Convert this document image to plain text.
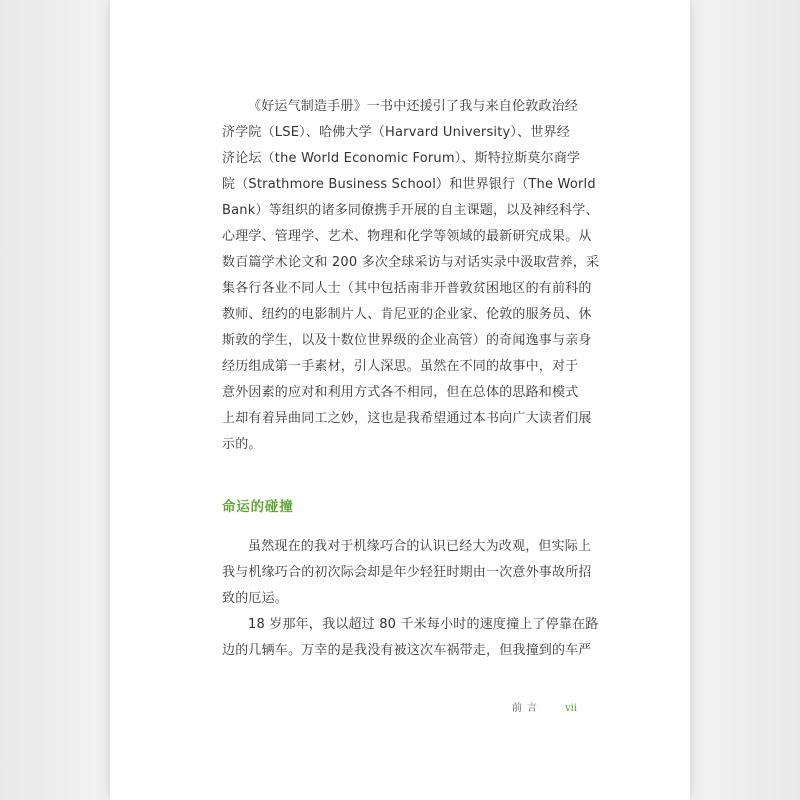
《好运气制造手册》一书中还援引了我与来自伦敦政治经
济学院（LSE）、哈佛大学（Harvard University）、世界经
济论坛（the World Economic Forum）、斯特拉斯莫尔商学
院（Strathmore Business School）和世界银行（The World
Bank）等组织的诸多同僚携手开展的自主课题，以及神经科学、
心理学、管理学、艺术、物理和化学等领域的最新研究成果。从
数百篇学术论文和 200 多次全球采访与对话实录中汲取营养，采
集各行各业不同人士（其中包括南非开普敦贫困地区的有前科的
教师、纽约的电影制片人、肯尼亚的企业家、伦敦的服务员、休
斯敦的学生，以及十数位世界级的企业高管）的奇闻逸事与亲身
经历组成第一手素材，引人深思。虽然在不同的故事中，对于
意外因素的应对和利用方式各不相同，但在总体的思路和模式
上却有着异曲同工之妙，这也是我希望通过本书向广大读者们展
示的。
命运的碰撞
虽然现在的我对于机缘巧合的认识已经大为改观，但实际上
我与机缘巧合的初次际会却是年少轻狂时期由一次意外事故所招
致的厄运。
18 岁那年，我以超过 80 千米每小时的速度撞上了停靠在路
边的几辆车。万幸的是我没有被这次车祸带走，但我撞到的车严
前言 vii
